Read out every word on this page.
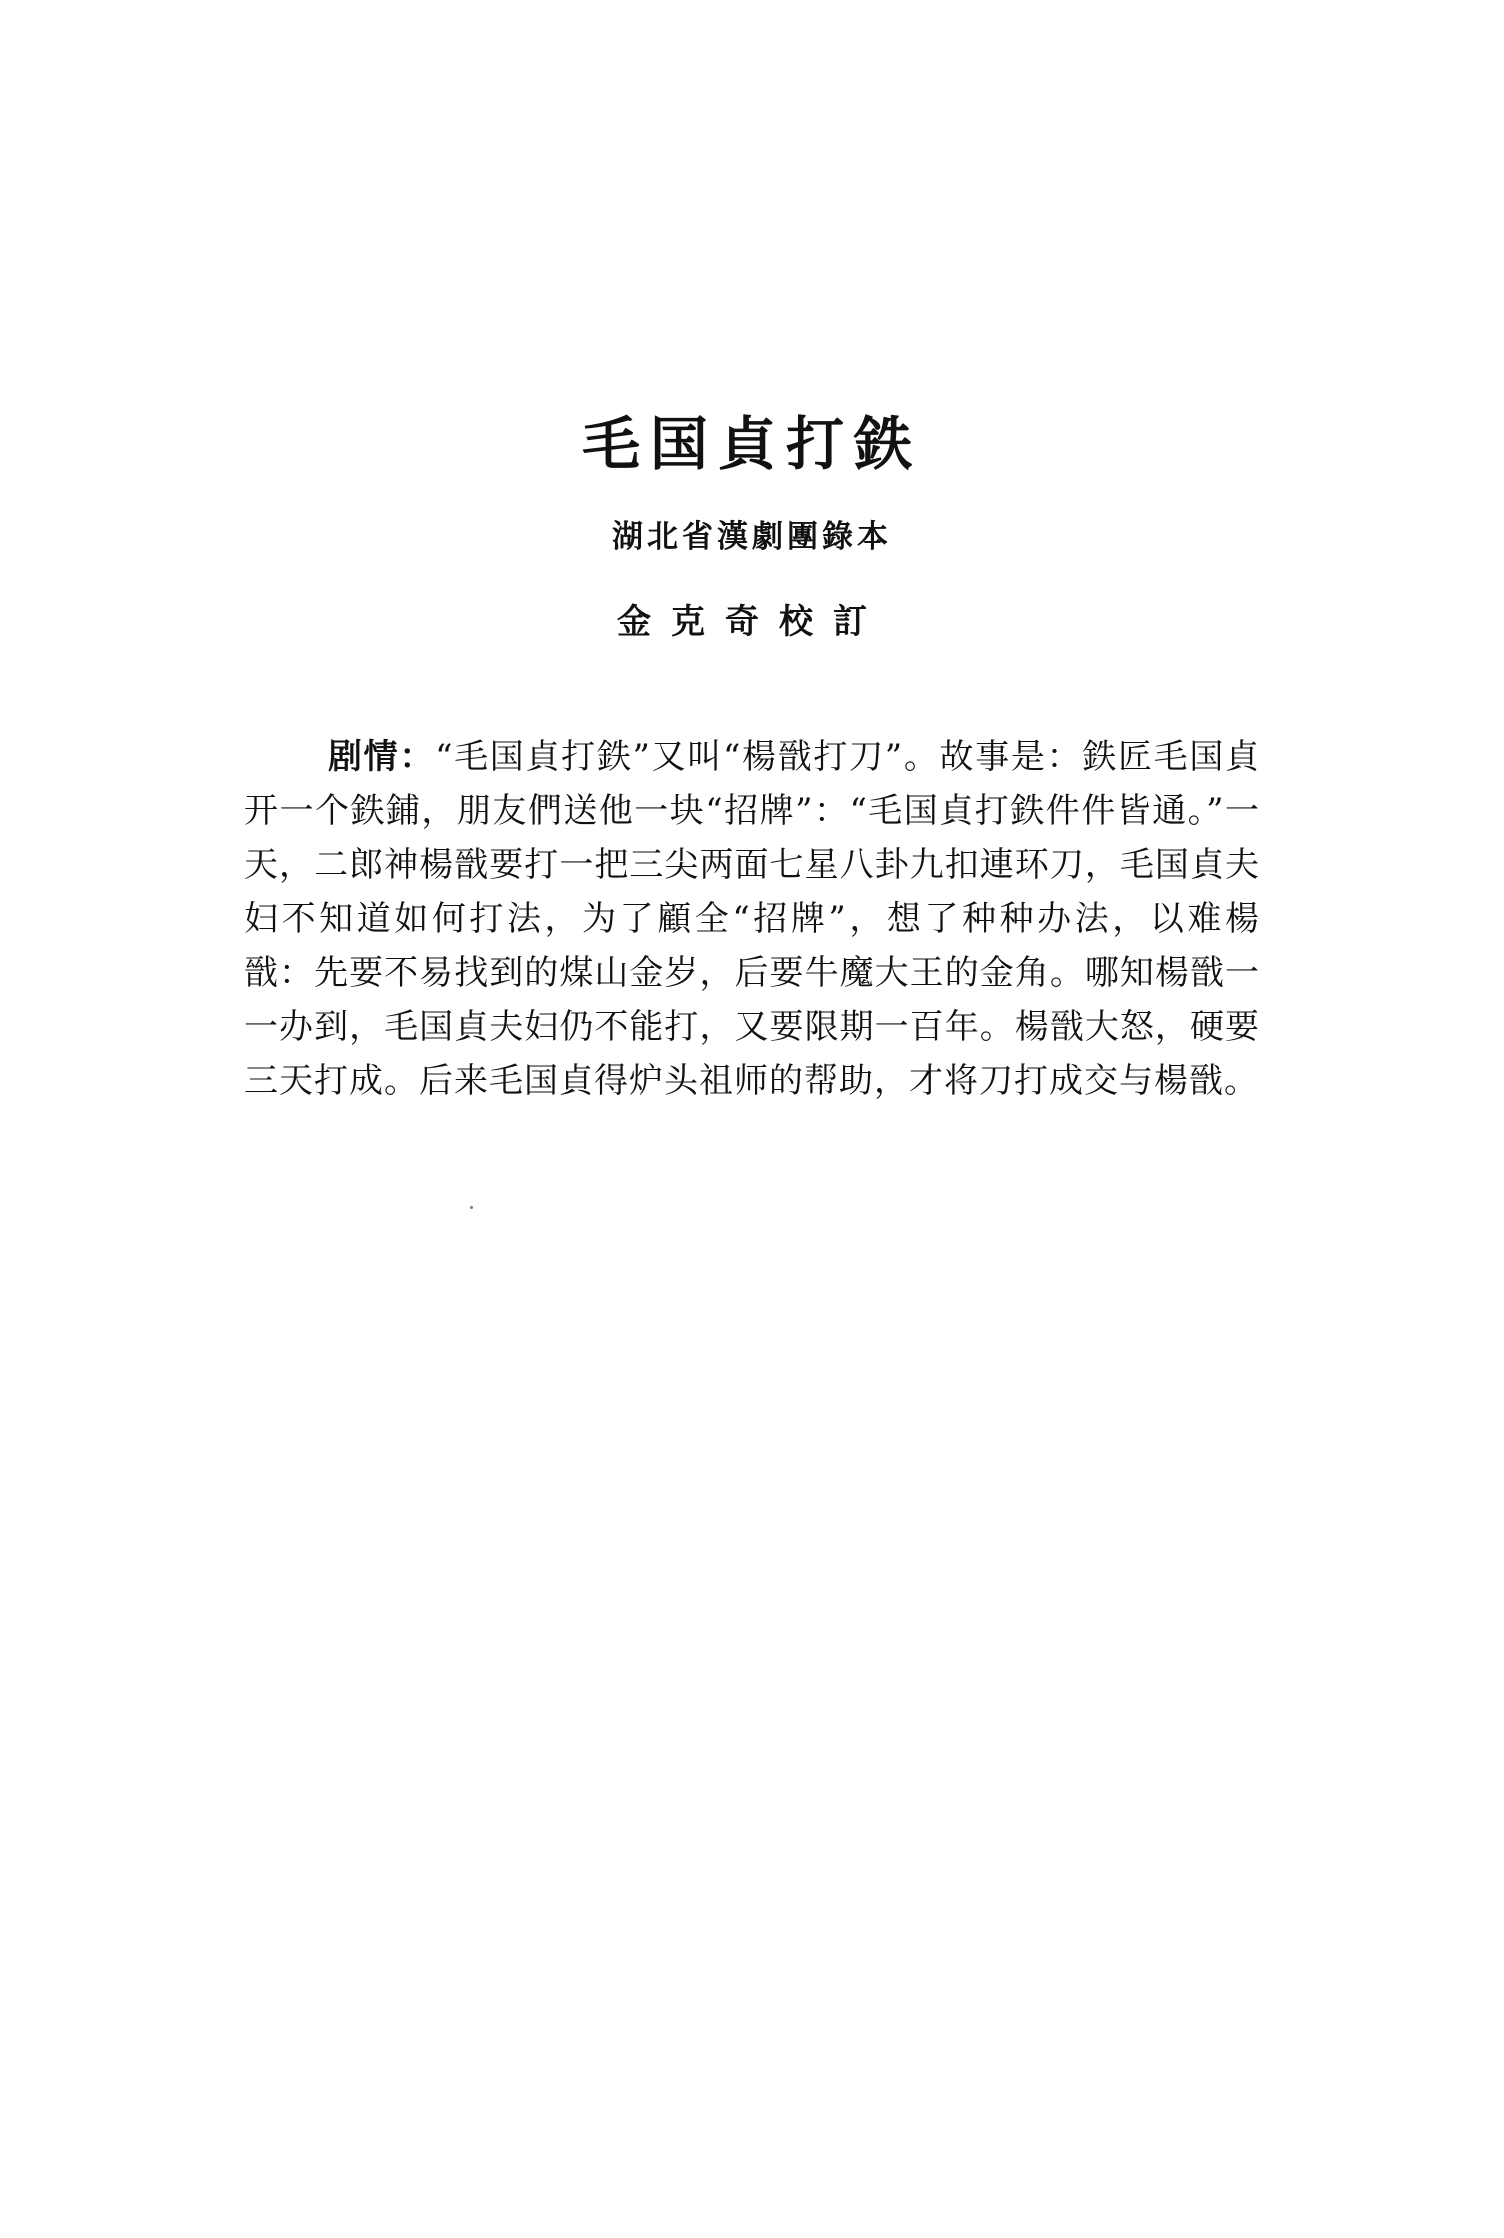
毛国貞打鉄
湖北省漢劇團錄本
金克奇校訂
剧情：“毛国貞打鉄”又叫“楊戩打刀”。故事是：鉄匠毛国貞开一个鉄鋪，朋友們送他一块“招牌”：“毛国貞打鉄件件皆通。”一天，二郎神楊戩要打一把三尖两面七星八卦九扣連环刀，毛国貞夫妇不知道如何打法，为了顧全“招牌”，想了种种办法，以难楊戩：先要不易找到的煤山金岁，后要牛魔大王的金角。哪知楊戩一一办到，毛国貞夫妇仍不能打，又要限期一百年。楊戩大怒，硬要三天打成。后来毛国貞得炉头祖师的帮助，才将刀打成交与楊戩。
